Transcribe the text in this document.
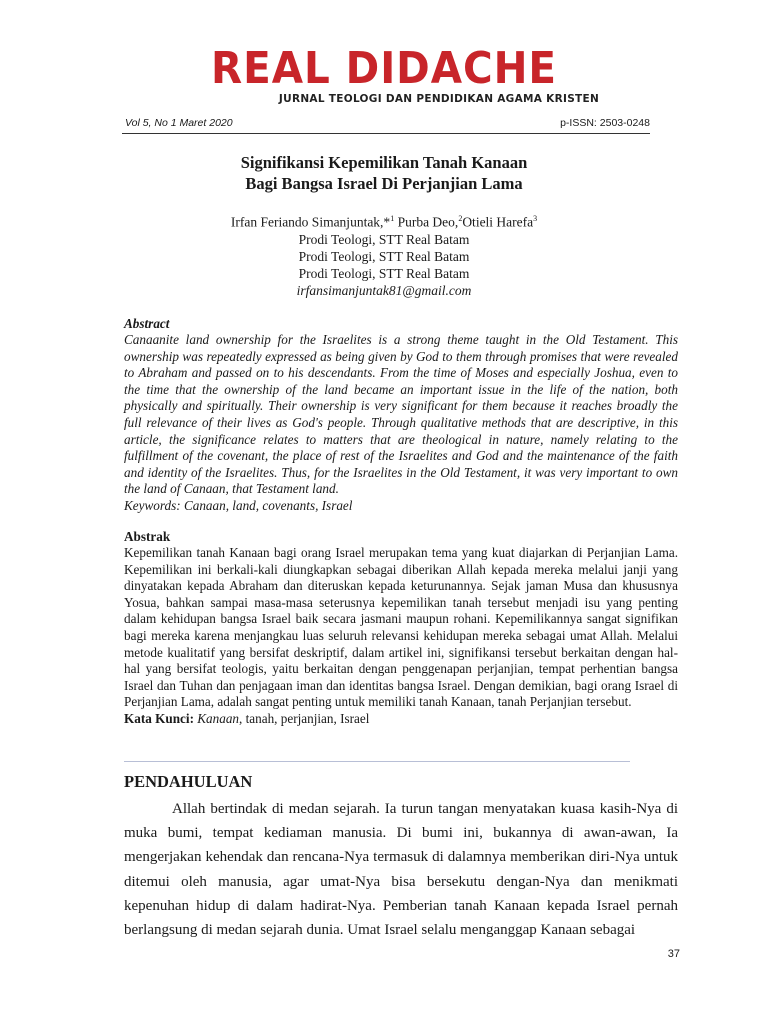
REAL DIDACHE
JURNAL TEOLOGI DAN PENDIDIKAN AGAMA KRISTEN
Vol 5, No 1 Maret 2020	p-ISSN: 2503-0248
Signifikansi Kepemilikan Tanah Kanaan
Bagi Bangsa Israel Di Perjanjian Lama
Irfan Feriando Simanjuntak,*$^1$ Purba Deo,$^2$Otieli Harefa$^3$
Prodi Teologi, STT Real Batam
Prodi Teologi, STT Real Batam
Prodi Teologi, STT Real Batam
irfansimanjuntak81@gmail.com
Abstract
Canaanite land ownership for the Israelites is a strong theme taught in the Old Testament. This ownership was repeatedly expressed as being given by God to them through promises that were revealed to Abraham and passed on to his descendants. From the time of Moses and especially Joshua, even to the time that the ownership of the land became an important issue in the life of the nation, both physically and spiritually. Their ownership is very significant for them because it reaches broadly the full relevance of their lives as God's people. Through qualitative methods that are descriptive, in this article, the significance relates to matters that are theological in nature, namely relating to the fulfillment of the covenant, the place of rest of the Israelites and God and the maintenance of the faith and identity of the Israelites. Thus, for the Israelites in the Old Testament, it was very important to own the land of Canaan, that Testament land.
Keywords: Canaan, land, covenants, Israel
Abstrak
Kepemilikan tanah Kanaan bagi orang Israel merupakan tema yang kuat diajarkan di Perjanjian Lama. Kepemilikan ini berkali-kali diungkapkan sebagai diberikan Allah kepada mereka melalui janji yang dinyatakan kepada Abraham dan diteruskan kepada keturunannya. Sejak jaman Musa dan khususnya Yosua, bahkan sampai masa-masa seterusnya kepemilikan tanah tersebut menjadi isu yang penting dalam kehidupan bangsa Israel baik secara jasmani maupun rohani. Kepemilikannya sangat signifikan bagi mereka karena menjangkau luas seluruh relevansi kehidupan mereka sebagai umat Allah. Melalui metode kualitatif yang bersifat deskriptif, dalam artikel ini, signifikansi tersebut berkaitan dengan hal-hal yang bersifat teologis, yaitu berkaitan dengan penggenapan perjanjian, tempat perhentian bangsa Israel dan Tuhan dan penjagaan iman dan identitas bangsa Israel. Dengan demikian, bagi orang Israel di Perjanjian Lama, adalah sangat penting untuk memiliki tanah Kanaan, tanah Perjanjian tersebut.
Kata Kunci: Kanaan, tanah, perjanjian, Israel
PENDAHULUAN

Allah bertindak di medan sejarah. Ia turun tangan menyatakan kuasa kasih-Nya di muka bumi, tempat kediaman manusia. Di bumi ini, bukannya di awan-awan, Ia mengerjakan kehendak dan rencana-Nya termasuk di dalamnya memberikan diri-Nya untuk ditemui oleh manusia, agar umat-Nya bisa bersekutu dengan-Nya dan menikmati kepenuhan hidup di dalam hadirat-Nya. Pemberian tanah Kanaan kepada Israel pernah berlangsung di medan sejarah dunia. Umat Israel selalu menganggap Kanaan sebagai

37
